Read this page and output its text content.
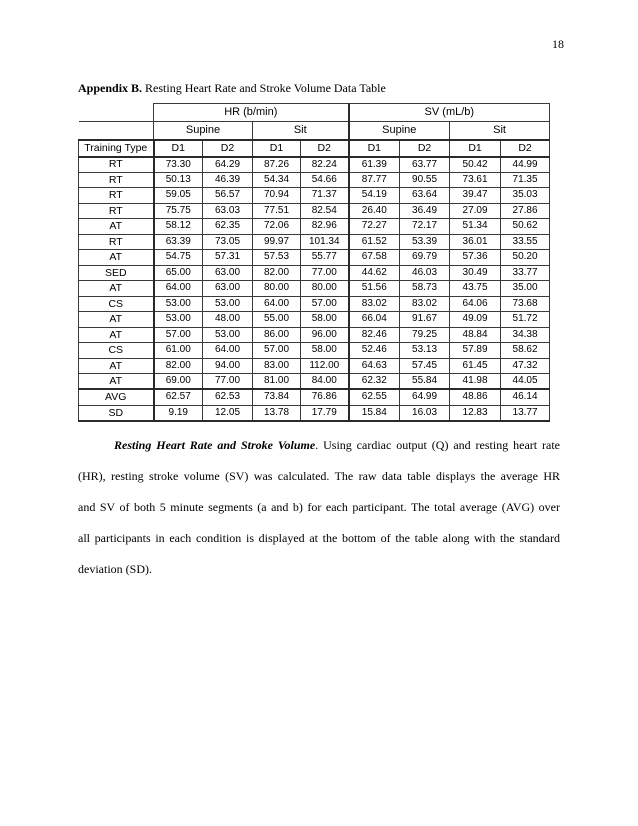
18
Appendix B. Resting Heart Rate and Stroke Volume Data Table
	HR (b/min)				SV (mL/b)			
	Supine		Sit		Supine		Sit	
Training Type	D1	D2	D1	D2	D1	D2	D1	D2
RT	73.30	64.29	87.26	82.24	61.39	63.77	50.42	44.99
RT	50.13	46.39	54.34	54.66	87.77	90.55	73.61	71.35
RT	59.05	56.57	70.94	71.37	54.19	63.64	39.47	35.03
RT	75.75	63.03	77.51	82.54	26.40	36.49	27.09	27.86
AT	58.12	62.35	72.06	82.96	72.27	72.17	51.34	50.62
RT	63.39	73.05	99.97	101.34	61.52	53.39	36.01	33.55
AT	54.75	57.31	57.53	55.77	67.58	69.79	57.36	50.20
SED	65.00	63.00	82.00	77.00	44.62	46.03	30.49	33.77
AT	64.00	63.00	80.00	80.00	51.56	58.73	43.75	35.00
CS	53.00	53.00	64.00	57.00	83.02	83.02	64.06	73.68
AT	53.00	48.00	55.00	58.00	66.04	91.67	49.09	51.72
AT	57.00	53.00	86.00	96.00	82.46	79.25	48.84	34.38
CS	61.00	64.00	57.00	58.00	52.46	53.13	57.89	58.62
AT	82.00	94.00	83.00	112.00	64.63	57.45	61.45	47.32
AT	69.00	77.00	81.00	84.00	62.32	55.84	41.98	44.05
AVG	62.57	62.53	73.84	76.86	62.55	64.99	48.86	46.14
SD	9.19	12.05	13.78	17.79	15.84	16.03	12.83	13.77

   Resting Heart Rate and Stroke Volume. Using cardiac output (Q) and resting heart rate
(HR), resting stroke volume (SV) was calculated. The raw data table displays the average HR
and SV of both 5 minute segments (a and b) for each participant. The total average (AVG) over
all participants in each condition is displayed at the bottom of the table along with the standard
deviation (SD).
